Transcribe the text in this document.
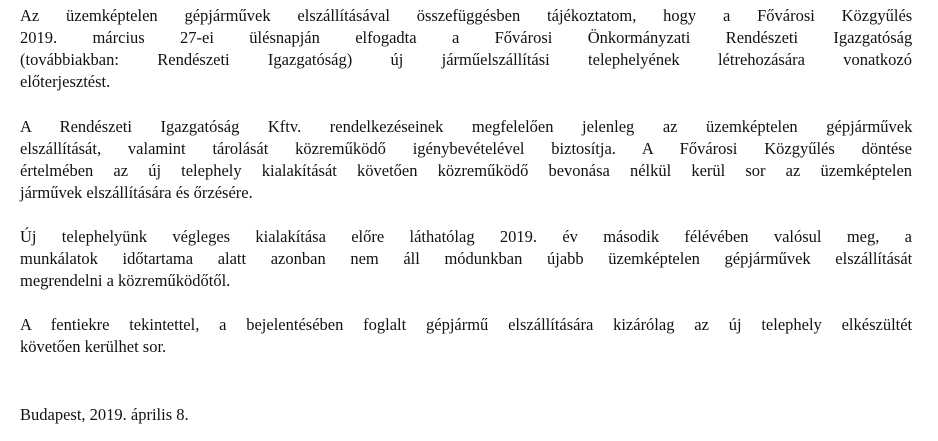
Az üzemképtelen gépjárművek elszállításával összefüggésben tájékoztatom, hogy a Fővárosi Közgyűlés
2019. március 27-ei ülésnapján elfogadta a Fővárosi Önkormányzati Rendészeti Igazgatóság
(továbbiakban: Rendészeti Igazgatóság) új járműelszállítási telephelyének létrehozására vonatkozó
előterjesztést.
A Rendészeti Igazgatóság Kftv. rendelkezéseinek megfelelően jelenleg az üzemképtelen gépjárművek
elszállítását, valamint tárolását közreműködő igénybevételével biztosítja. A Fővárosi Közgyűlés döntése
értelmében az új telephely kialakítását követően közreműködő bevonása nélkül kerül sor az üzemképtelen
járművek elszállítására és őrzésére.
Új telephelyünk végleges kialakítása előre láthatólag 2019. év második félévében valósul meg, a
munkálatok időtartama alatt azonban nem áll módunkban újabb üzemképtelen gépjárművek elszállítását
megrendelni a közreműködőtől.
A fentiekre tekintettel, a bejelentésében foglalt gépjármű elszállítására kizárólag az új telephely elkészültét
követően kerülhet sor.
Budapest, 2019. április 8.
